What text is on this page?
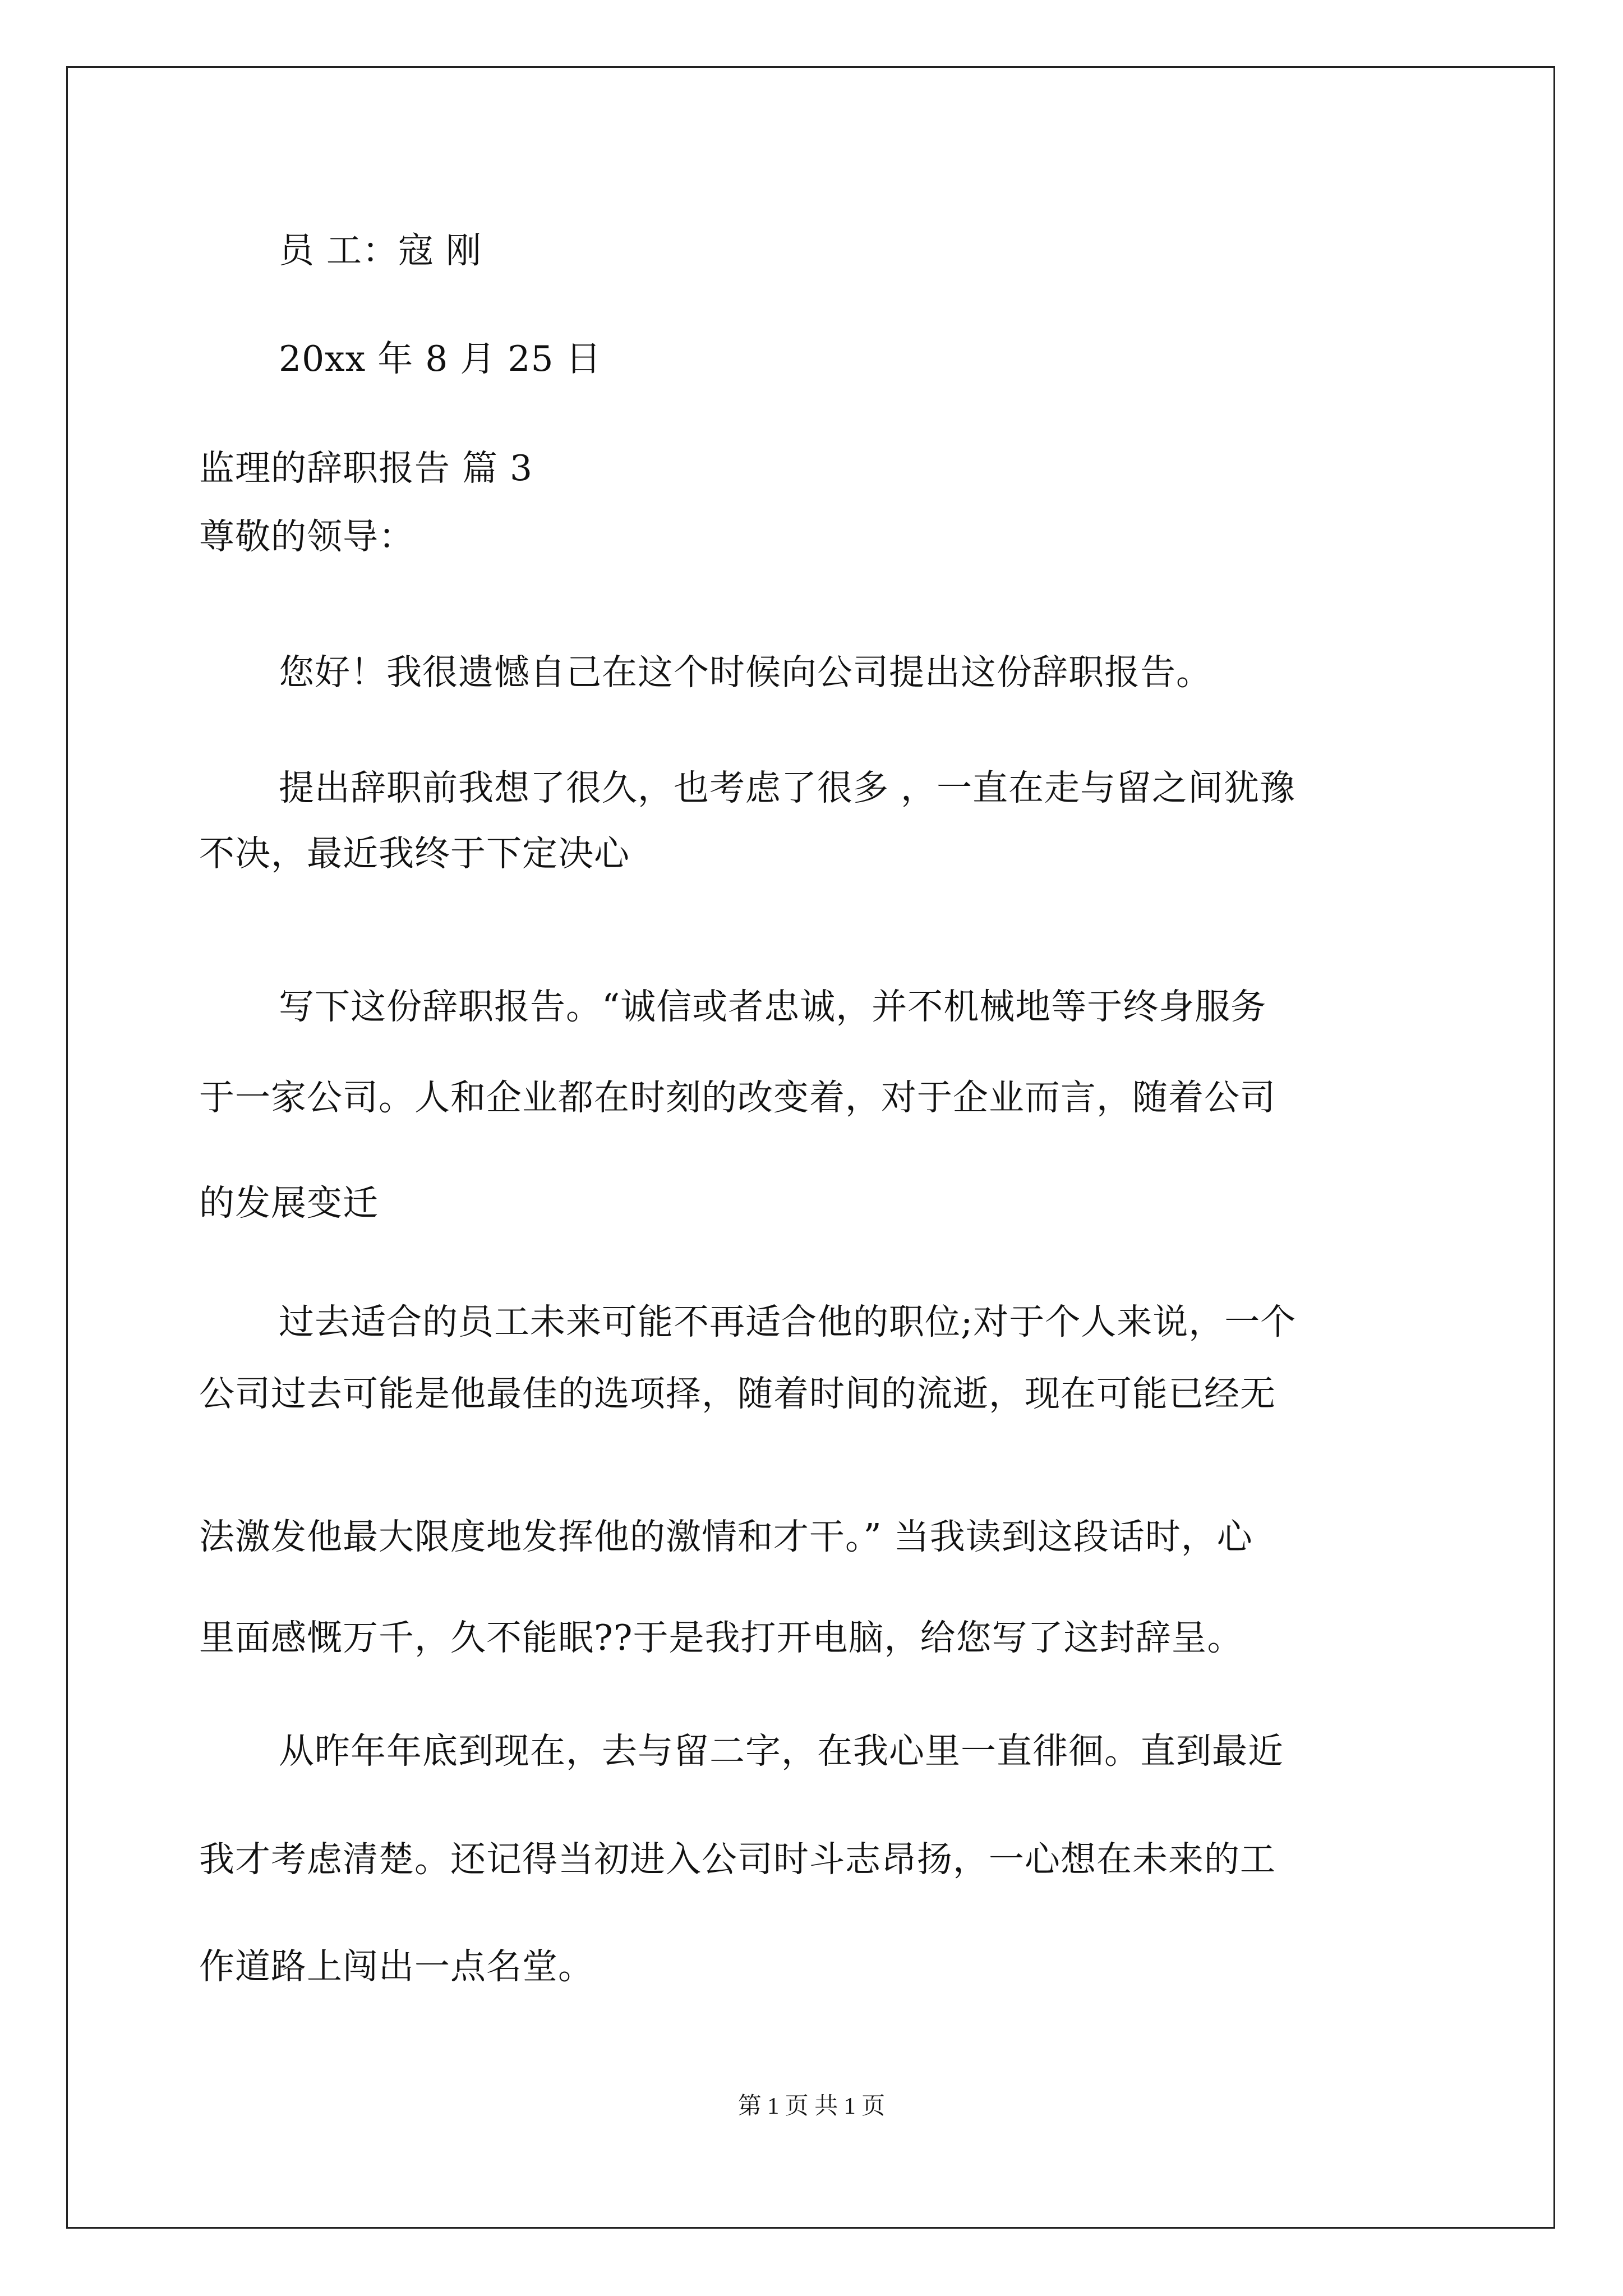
员 工：寇 刚
20xx 年 8 月 25 日
监理的辞职报告 篇 3
尊敬的领导：
您好！我很遗憾自己在这个时候向公司提出这份辞职报告。
提出辞职前我想了很久，也考虑了很多 ，一直在走与留之间犹豫
不决，最近我终于下定决心
写下这份辞职报告。“诚信或者忠诚，并不机械地等于终身服务
于一家公司。人和企业都在时刻的改变着，对于企业而言，随着公司
的发展变迁
过去适合的员工未来可能不再适合他的职位;对于个人来说，一个
公司过去可能是他最佳的选项择，随着时间的流逝，现在可能已经无
法激发他最大限度地发挥他的激情和才干。” 当我读到这段话时，心
里面感慨万千，久不能眠??于是我打开电脑，给您写了这封辞呈。
从昨年年底到现在，去与留二字，在我心里一直徘徊。直到最近
我才考虑清楚。还记得当初进入公司时斗志昂扬，一心想在未来的工
作道路上闯出一点名堂。
第 1 页 共 1 页
